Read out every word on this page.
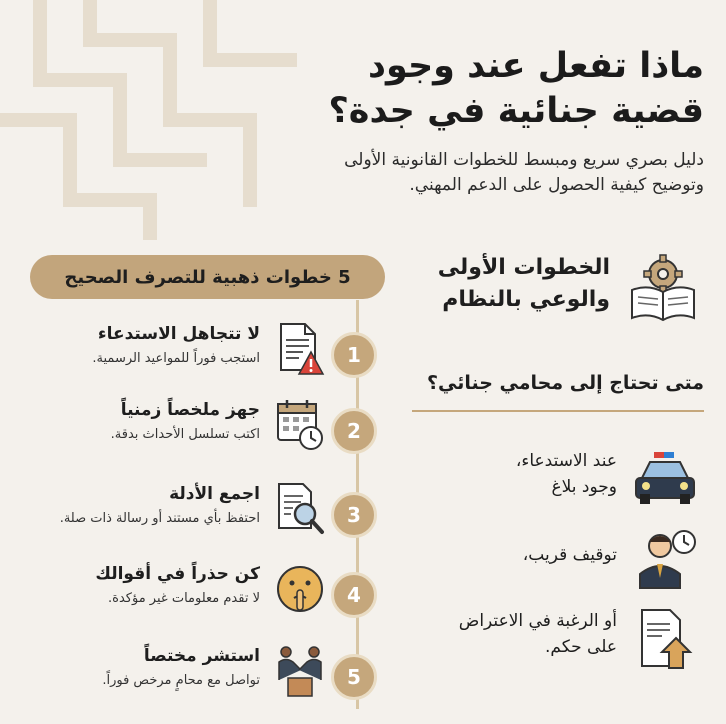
ماذا تفعل عند وجود
قضية جنائية في جدة؟
دليل بصري سريع ومبسط للخطوات القانونية الأولى
وتوضيح كيفية الحصول على الدعم المهني.
5 خطوات ذهبية للتصرف الصحيح
1
لا تتجاهل الاستدعاء
استجب فوراً للمواعيد الرسمية.
2
جهز ملخصاً زمنياً
اكتب تسلسل الأحداث بدقة.
3
اجمع الأدلة
احتفظ بأي مستند أو رسالة ذات صلة.
4
كن حذراً في أقوالك
لا تقدم معلومات غير مؤكدة.
5
استشر مختصاً
تواصل مع محامٍ مرخص فوراً.
الخطوات الأولى
والوعي بالنظام
متى تحتاج إلى محامي جنائي؟
عند الاستدعاء،
وجود بلاغ
توقيف قريب،
أو الرغبة في الاعتراض
على حكم.
